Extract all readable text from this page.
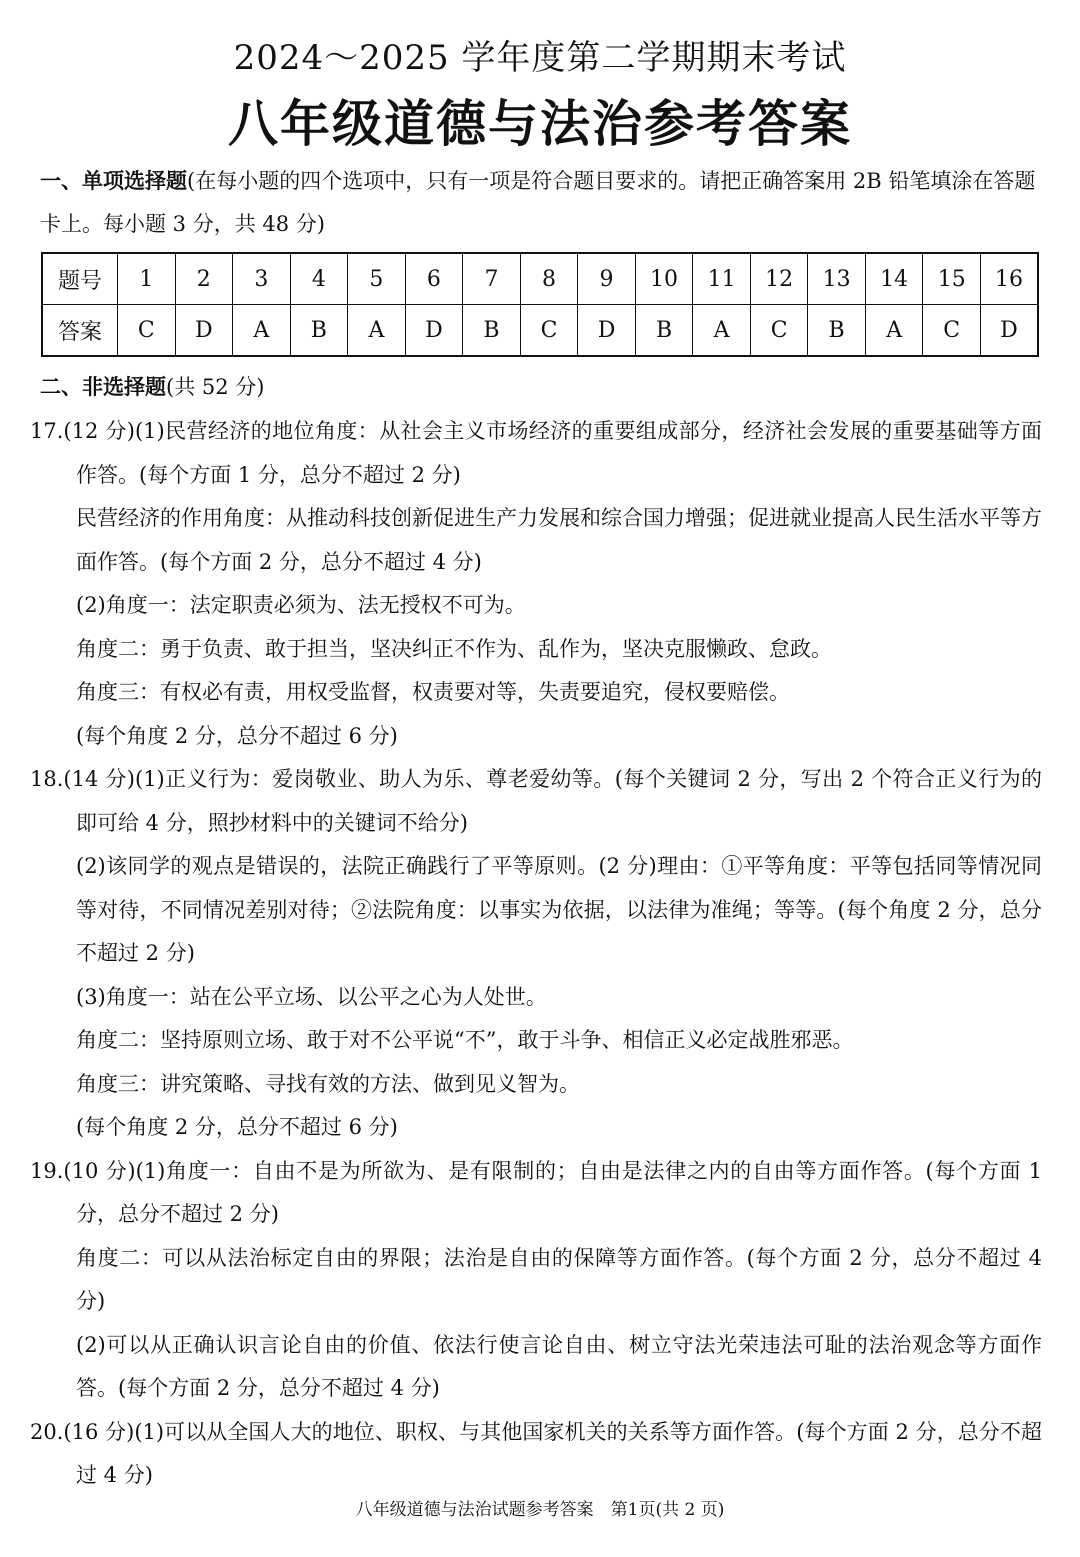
2024～2025 学年度第二学期期末考试
八年级道德与法治参考答案
一、单项选择题(在每小题的四个选项中，只有一项是符合题目要求的。请把正确答案用 2B 铅笔填涂在答题卡上。每小题 3 分，共 48 分)
题号	1	2	3	4	5	6	7	8	9	10	11	12	13	14	15	16
答案	C	D	A	B	A	D	B	C	D	B	A	C	B	A	C	D
二、非选择题(共 52 分)
17.(12 分)(1)民营经济的地位角度：从社会主义市场经济的重要组成部分，经济社会发展的重要基础等方面作答。(每个方面 1 分，总分不超过 2 分)
民营经济的作用角度：从推动科技创新促进生产力发展和综合国力增强；促进就业提高人民生活水平等方面作答。(每个方面 2 分，总分不超过 4 分)
(2)角度一：法定职责必须为、法无授权不可为。
角度二：勇于负责、敢于担当，坚决纠正不作为、乱作为，坚决克服懒政、怠政。
角度三：有权必有责，用权受监督，权责要对等，失责要追究，侵权要赔偿。
(每个角度 2 分，总分不超过 6 分)
18.(14 分)(1)正义行为：爱岗敬业、助人为乐、尊老爱幼等。(每个关键词 2 分，写出 2 个符合正义行为的即可给 4 分，照抄材料中的关键词不给分)
(2)该同学的观点是错误的，法院正确践行了平等原则。(2 分)理由：①平等角度：平等包括同等情况同等对待，不同情况差别对待；②法院角度：以事实为依据，以法律为准绳；等等。(每个角度 2 分，总分不超过 2 分)
(3)角度一：站在公平立场、以公平之心为人处世。
角度二：坚持原则立场、敢于对不公平说“不”，敢于斗争、相信正义必定战胜邪恶。
角度三：讲究策略、寻找有效的方法、做到见义智为。
(每个角度 2 分，总分不超过 6 分)
19.(10 分)(1)角度一：自由不是为所欲为、是有限制的；自由是法律之内的自由等方面作答。(每个方面 1 分，总分不超过 2 分)
角度二：可以从法治标定自由的界限；法治是自由的保障等方面作答。(每个方面 2 分，总分不超过 4 分)
(2)可以从正确认识言论自由的价值、依法行使言论自由、树立守法光荣违法可耻的法治观念等方面作答。(每个方面 2 分，总分不超过 4 分)
20.(16 分)(1)可以从全国人大的地位、职权、与其他国家机关的关系等方面作答。(每个方面 2 分，总分不超过 4 分)
八年级道德与法治试题参考答案　第1页(共 2 页)
